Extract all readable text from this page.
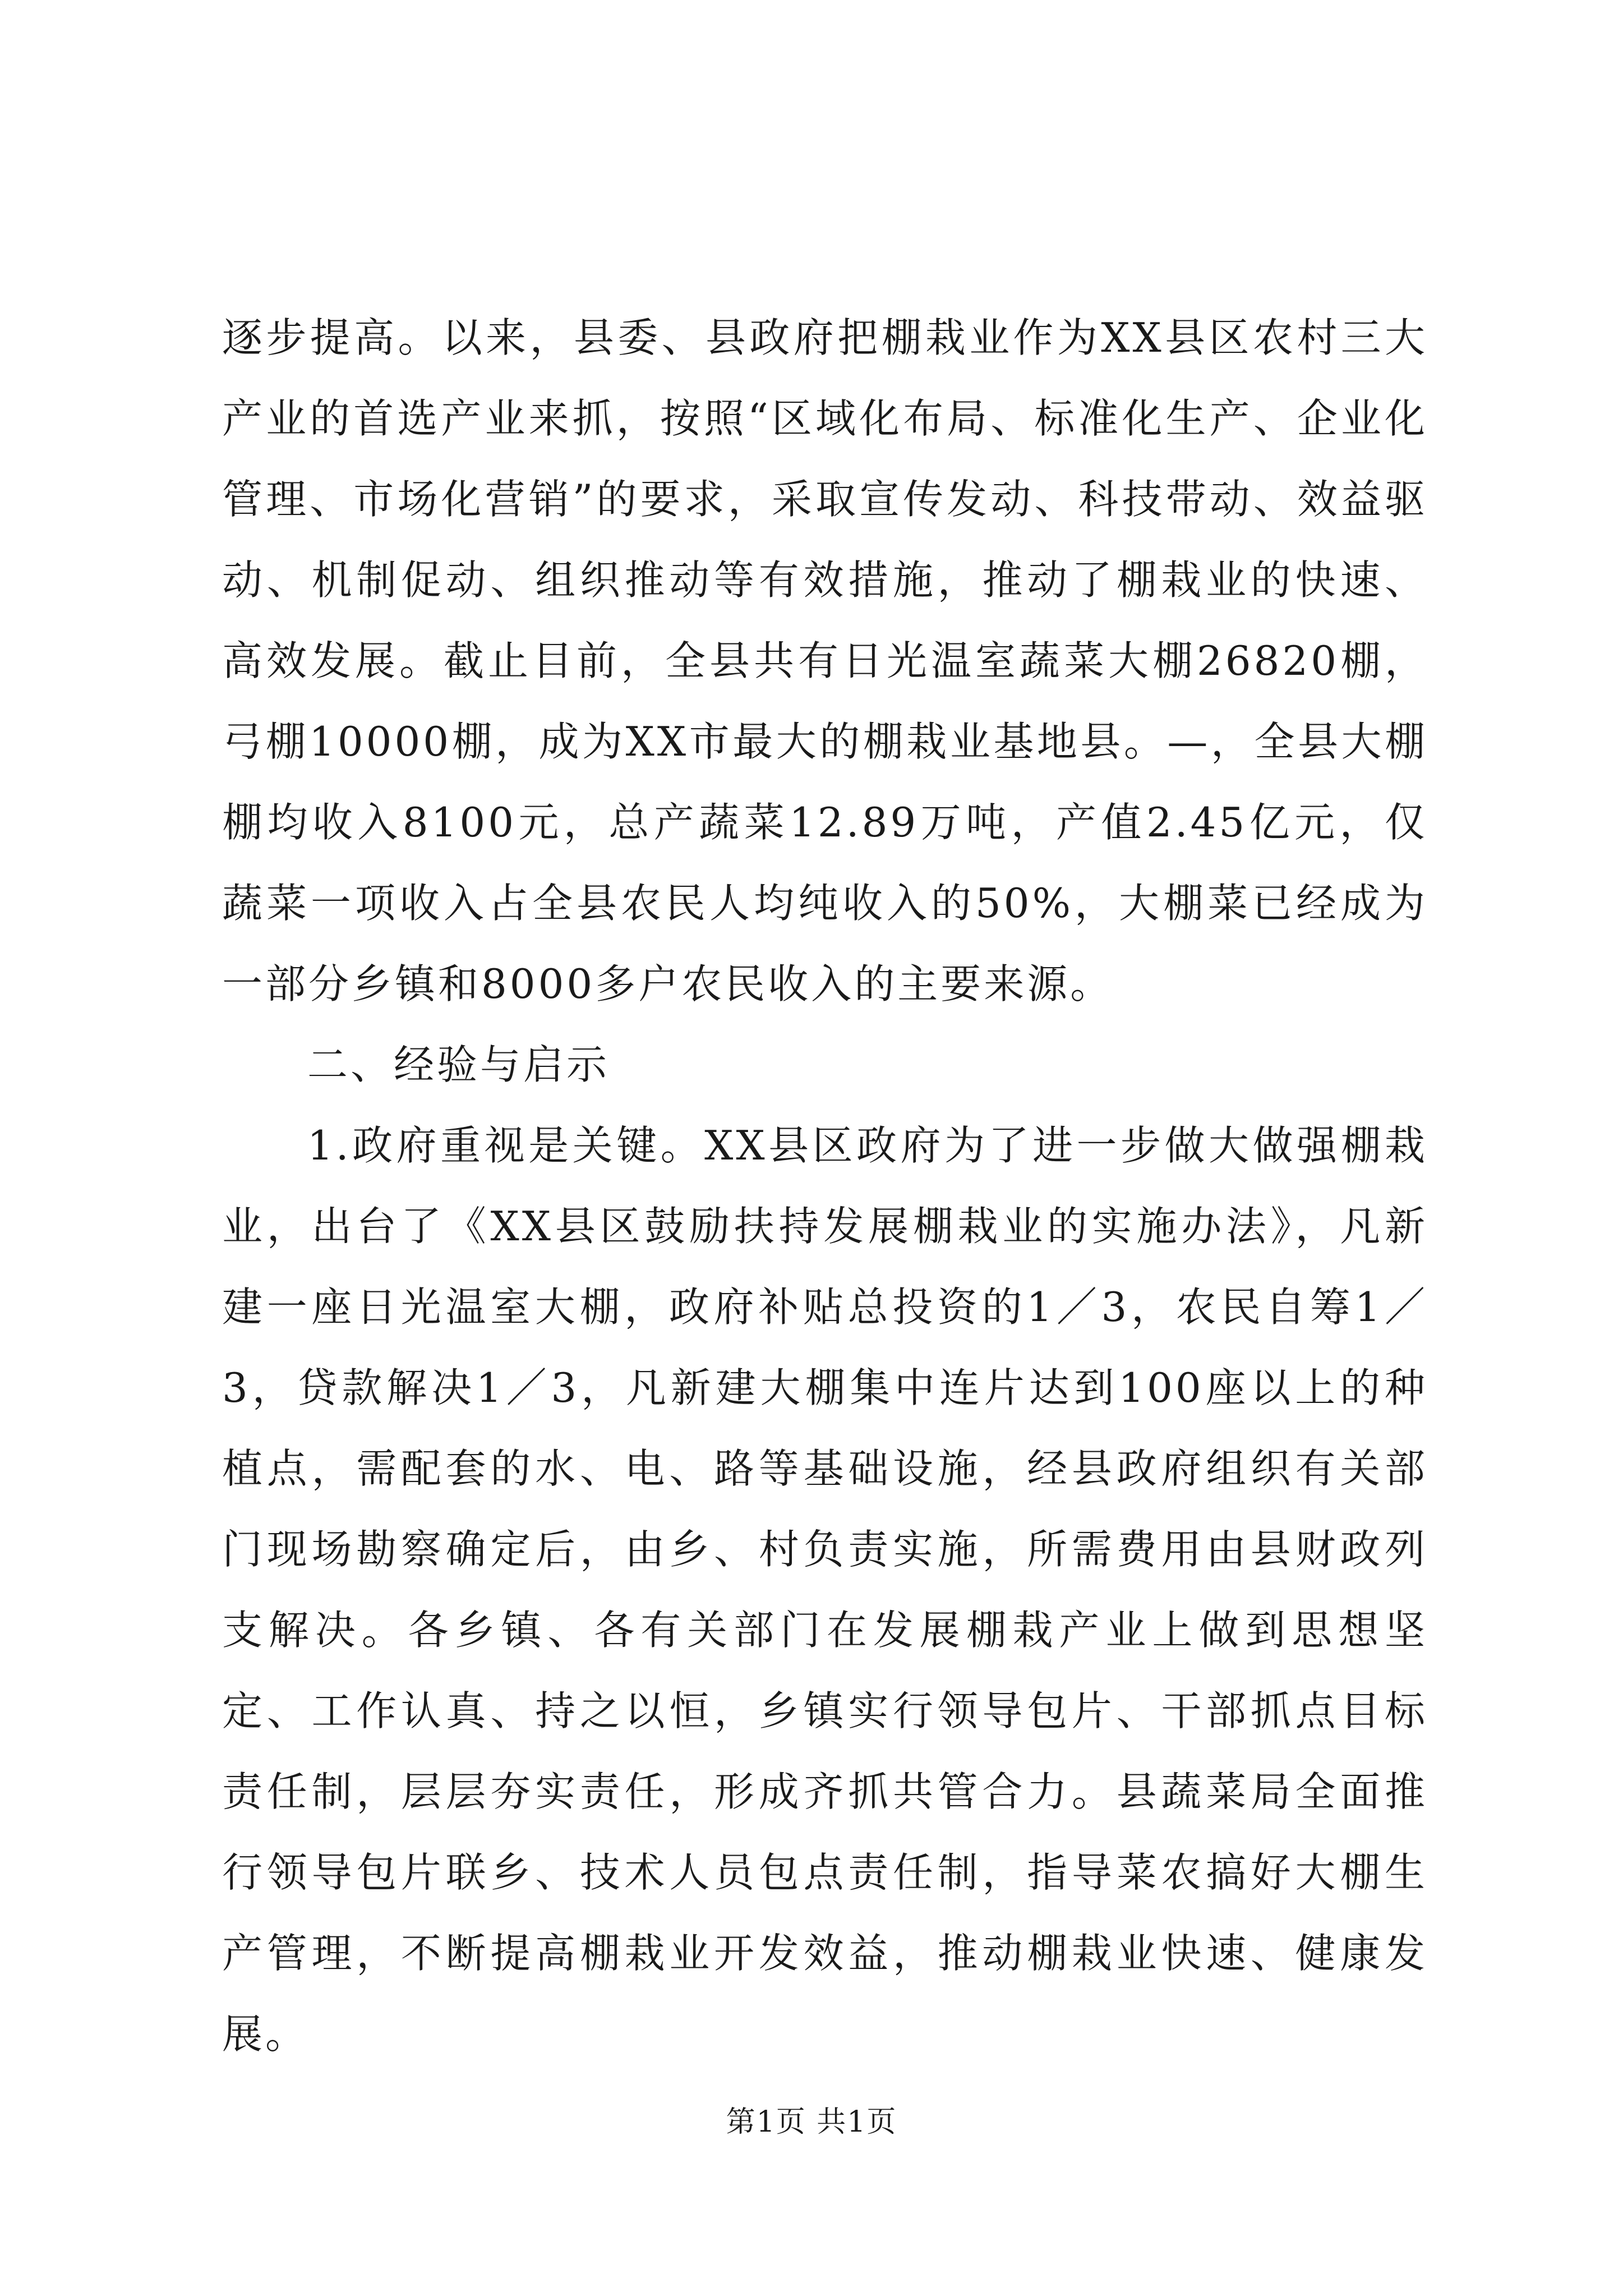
逐步提高。以来，县委、县政府把棚栽业作为XX县区农村三大产业的首选产业来抓，按照“区域化布局、标准化生产、企业化管理、市场化营销”的要求，采取宣传发动、科技带动、效益驱动、机制促动、组织推动等有效措施，推动了棚栽业的快速、高效发展。截止目前，全县共有日光温室蔬菜大棚26820棚，弓棚10000棚，成为XX市最大的棚栽业基地县。—，全县大棚棚均收入8100元，总产蔬菜12.89万吨，产值2.45亿元，仅蔬菜一项收入占全县农民人均纯收入的50%，大棚菜已经成为一部分乡镇和8000多户农民收入的主要来源。

二、经验与启示

1.政府重视是关键。XX县区政府为了进一步做大做强棚栽业，出台了《XX县区鼓励扶持发展棚栽业的实施办法》，凡新建一座日光温室大棚，政府补贴总投资的1／3，农民自筹1／3，贷款解决1／3，凡新建大棚集中连片达到100座以上的种植点，需配套的水、电、路等基础设施，经县政府组织有关部门现场勘察确定后，由乡、村负责实施，所需费用由县财政列支解决。各乡镇、各有关部门在发展棚栽产业上做到思想坚定、工作认真、持之以恒，乡镇实行领导包片、干部抓点目标责任制，层层夯实责任，形成齐抓共管合力。县蔬菜局全面推行领导包片联乡、技术人员包点责任制，指导菜农搞好大棚生产管理，不断提高棚栽业开发效益，推动棚栽业快速、健康发展。

第1页 共1页
